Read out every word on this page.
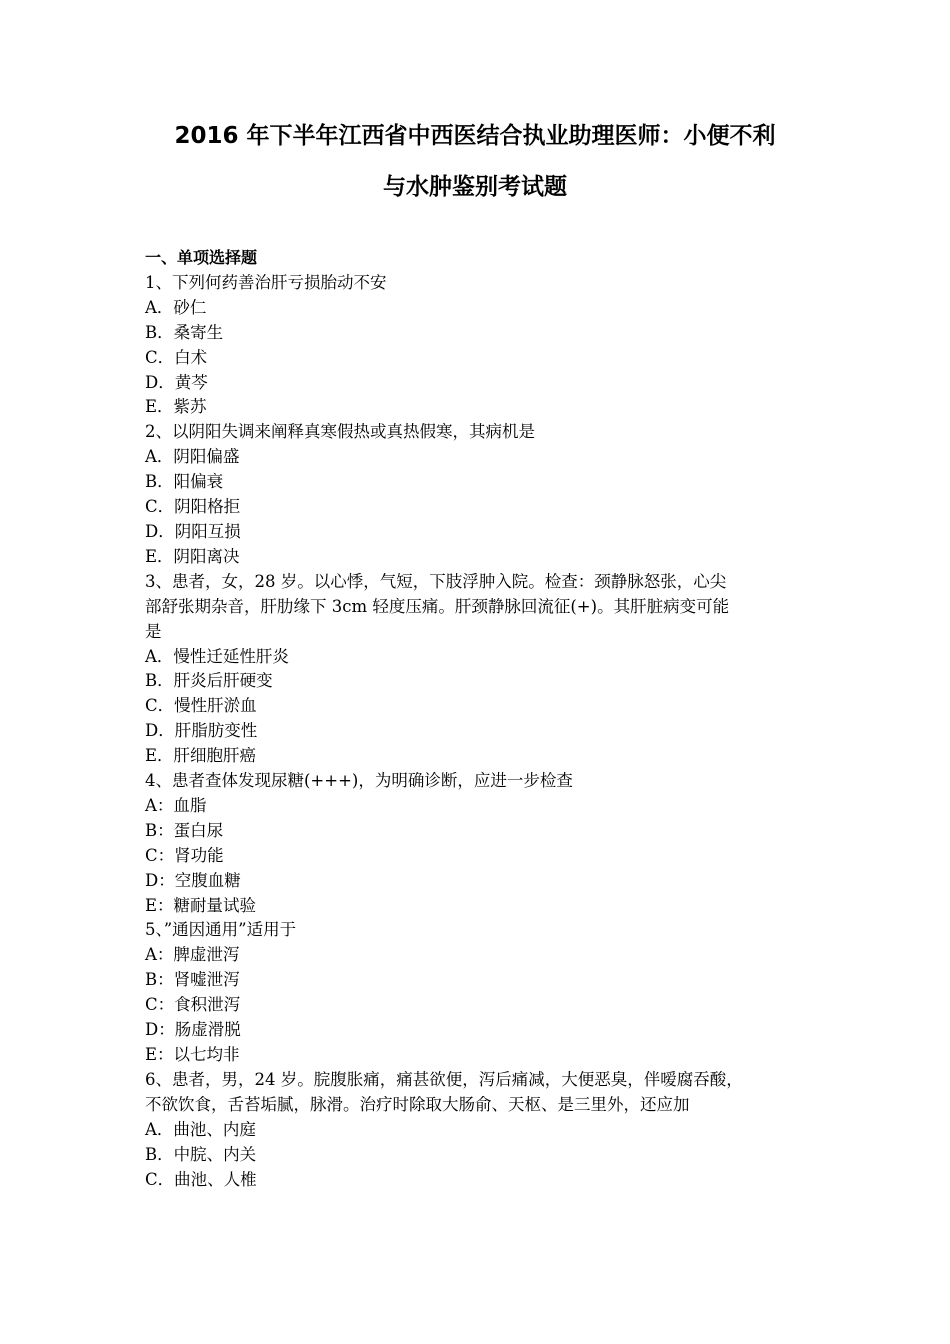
2016 年下半年江西省中西医结合执业助理医师：小便不利
与水肿鉴别考试题

一、单项选择题

1、下列何药善治肝亏损胎动不安

A．砂仁

B．桑寄生

C．白术

D．黄芩

E．紫苏

2、以阴阳失调来阐释真寒假热或真热假寒，其病机是

A．阴阳偏盛

B．阳偏衰

C．阴阳格拒

D．阴阳互损

E．阴阳离决

3、患者，女，28 岁。以心悸，气短，下肢浮肿入院。检查：颈静脉怒张，心尖
部舒张期杂音，肝肋缘下 3cm 轻度压痛。肝颈静脉回流征(+)。其肝脏病变可能
是

A．慢性迁延性肝炎

B．肝炎后肝硬变

C．慢性肝淤血

D．肝脂肪变性

E．肝细胞肝癌

4、患者查体发现尿糖(+++)，为明确诊断，应进一步检查

A：血脂

B：蛋白尿

C：肾功能

D：空腹血糖

E：糖耐量试验

5、”通因通用”适用于

A：脾虚泄泻

B：肾嘘泄泻

C：食积泄泻

D：肠虚滑脱

E：以七均非

6、患者，男，24 岁。脘腹胀痛，痛甚欲便，泻后痛减，大便恶臭，伴嗳腐吞酸，
不欲饮食，舌苔垢腻，脉滑。治疗时除取大肠俞、天枢、是三里外，还应加

A．曲池、内庭

B．中脘、内关

C．曲池、人椎
